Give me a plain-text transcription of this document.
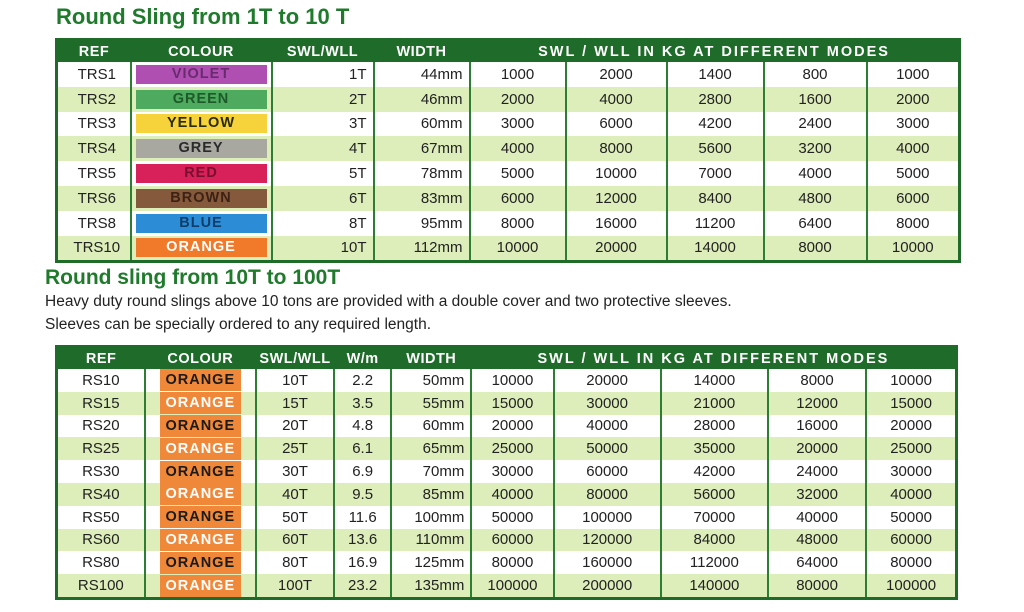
Round Sling from 1T to 10 T
REF	COLOUR	SWL/WLL	WIDTH	SWL / WLL IN KG AT DIFFERENT MODES				
TRS1	VIOLET	1T	44mm	1000	2000	1400	800	1000
TRS2	GREEN	2T	46mm	2000	4000	2800	1600	2000
TRS3	YELLOW	3T	60mm	3000	6000	4200	2400	3000
TRS4	GREY	4T	67mm	4000	8000	5600	3200	4000
TRS5	RED	5T	78mm	5000	10000	7000	4000	5000
TRS6	BROWN	6T	83mm	6000	12000	8400	4800	6000
TRS8	BLUE	8T	95mm	8000	16000	11200	6400	8000
TRS10	ORANGE	10T	112mm	10000	20000	14000	8000	10000
Round sling from 10T to 100T

Heavy duty round slings above 10 tons are provided with a double cover and two protective sleeves.

Sleeves can be specially ordered to any required length.

REF	COLOUR	SWL/WLL	W/m	WIDTH	SWL / WLL IN KG AT DIFFERENT MODES				
RS10	ORANGE	10T	2.2	50mm	10000	20000	14000	8000	10000
RS15	ORANGE	15T	3.5	55mm	15000	30000	21000	12000	15000
RS20	ORANGE	20T	4.8	60mm	20000	40000	28000	16000	20000
RS25	ORANGE	25T	6.1	65mm	25000	50000	35000	20000	25000
RS30	ORANGE	30T	6.9	70mm	30000	60000	42000	24000	30000
RS40	ORANGE	40T	9.5	85mm	40000	80000	56000	32000	40000
RS50	ORANGE	50T	11.6	100mm	50000	100000	70000	40000	50000
RS60	ORANGE	60T	13.6	110mm	60000	120000	84000	48000	60000
RS80	ORANGE	80T	16.9	125mm	80000	160000	112000	64000	80000
RS100	ORANGE	100T	23.2	135mm	100000	200000	140000	80000	100000
